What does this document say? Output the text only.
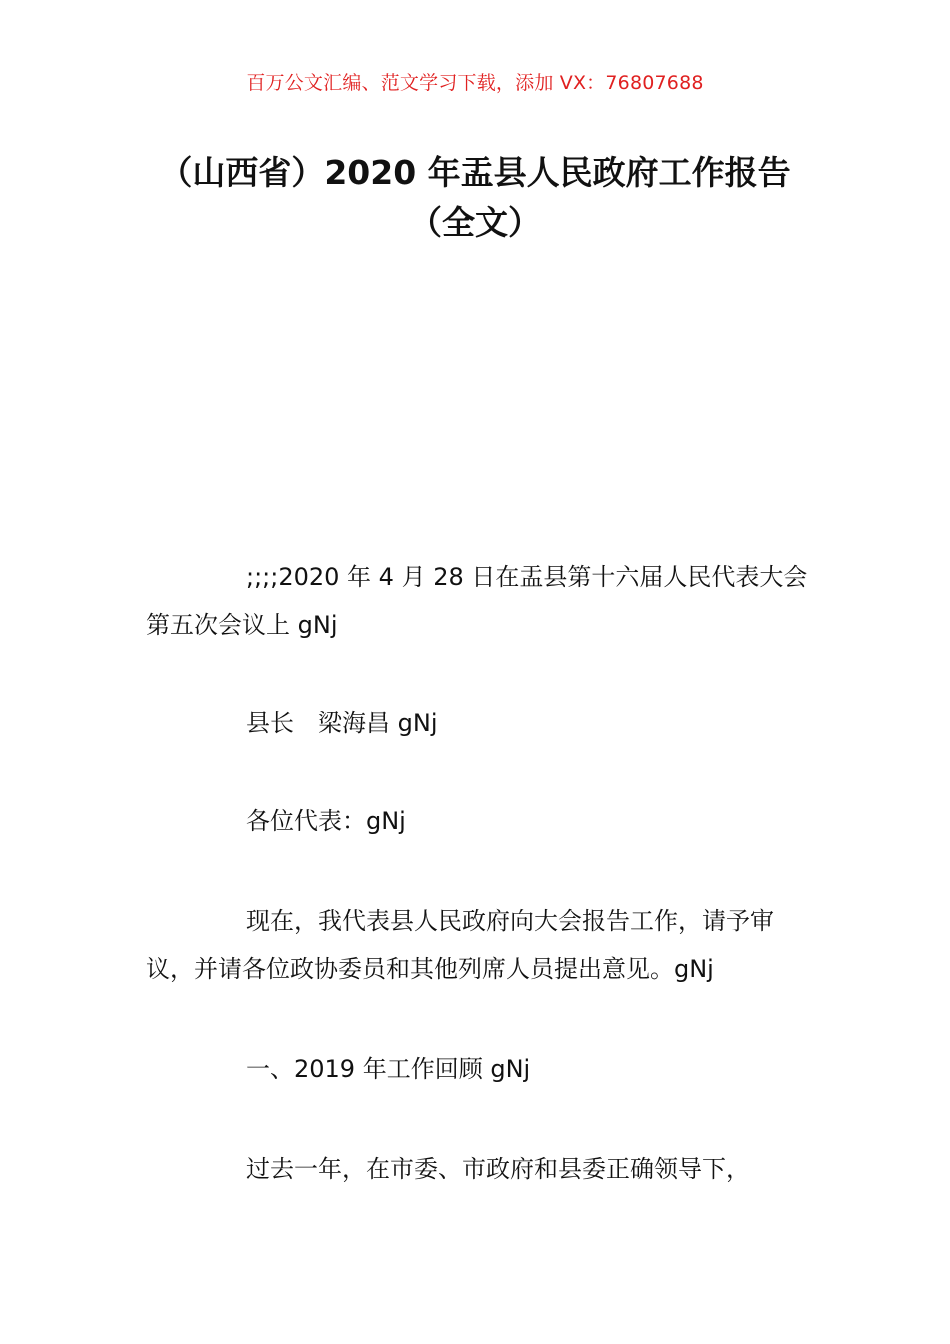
百万公文汇编、范文学习下载，添加 VX：76807688
（山西省）2020 年盂县人民政府工作报告
（全文）

;;;;2020 年 4 月 28 日在盂县第十六届人民代表大会第五次会议上 gNj

县长　梁海昌 gNj

各位代表：gNj

现在，我代表县人民政府向大会报告工作，请予审议，并请各位政协委员和其他列席人员提出意见。gNj

一、2019 年工作回顾 gNj

过去一年，在市委、市政府和县委正确领导下，
